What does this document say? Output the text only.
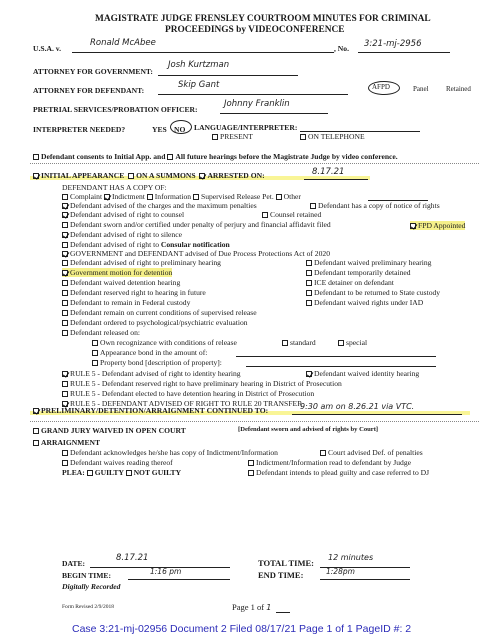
MAGISTRATE JUDGE FRENSLEY COURTROOM MINUTES FOR CRIMINAL
PROCEEDINGS by VIDEOCONFERENCE
U.S.A. v.
Ronald McAbee
, No. 3:21-mj-2956
ATTORNEY FOR GOVERNMENT:
Josh Kurtzman
ATTORNEY FOR DEFENDANT:
Skip Gant	AFPD	Panel Retained
PRETRIAL SERVICES/PROBATION OFFICER:
Johnny Franklin
INTERPRETER NEEDED?	YES NO LANGUAGE/INTERPRETER:
PRESENT	ON TELEPHONE
Defendant consents to Initial App. and All future hearings before the Magistrate Judge by video conference.
INITIAL APPEARANCE ON A SUMMONS ARRESTED ON:	8.17.21
DEFENDANT HAS A COPY OF:
Complaint Indictment Information Supervised Release Pet. Other
Defendant advised of the charges and the maximum penalties	Defendant has a copy of notice of rights
Defendant advised of right to counsel	Counsel retained
Defendant sworn and/or certified under penalty of perjury and financial affidavit filed	FPD Appointed
Defendant advised of right to silence
Defendant advised of right to Consular notification
GOVERNMENT and DEFENDANT advised of Due Process Protections Act of 2020
Defendant advised of right to preliminary hearing	Defendant waived preliminary hearing
Government motion for detention	Defendant temporarily detained
Defendant waived detention hearing	ICE detainer on defendant
Defendant reserved right to hearing in future	Defendant to be returned to State custody
Defendant to remain in Federal custody	Defendant waived rights under IAD
Defendant remain on current conditions of supervised release
Defendant ordered to psychological/psychiatric evaluation
Defendant released on:
Own recognizance with conditions of release	standard	special
Appearance bond in the amount of:
Property bond [description of property]:
RULE 5 - Defendant advised of right to identity hearing	Defendant waived identity hearing
RULE 5 - Defendant reserved right to have preliminary hearing in District of Prosecution
RULE 5 - Defendant elected to have detention hearing in District of Prosecution
RULE 5 - DEFENDANT ADVISED OF RIGHT TO RULE 20 TRANSFER
PRELIMINARY/DETENTION/ARRAIGNMENT CONTINUED TO:	9:30 am on 8.26.21 via VTC.
GRAND JURY WAIVED IN OPEN COURT	[Defendant sworn and advised of rights by Court]
ARRAIGNMENT
Defendant acknowledges he/she has copy of Indictment/Information	Court advised Def. of penalties
Defendant waives reading thereof	Indictment/Information read to defendant by Judge
PLEA: GUILTY NOT GUILTY	Defendant intends to plead guilty and case referred to DJ
DATE:
8.17.21	TOTAL TIME:
12 minutes
BEGIN TIME:	1:16 pm	END TIME:	1:28pm
Digitally Recorded
Form Revised 2/9/2018	Page 1 of 1
Case 3:21-mj-02956 Document 2 Filed 08/17/21 Page 1 of 1 PageID #: 2
